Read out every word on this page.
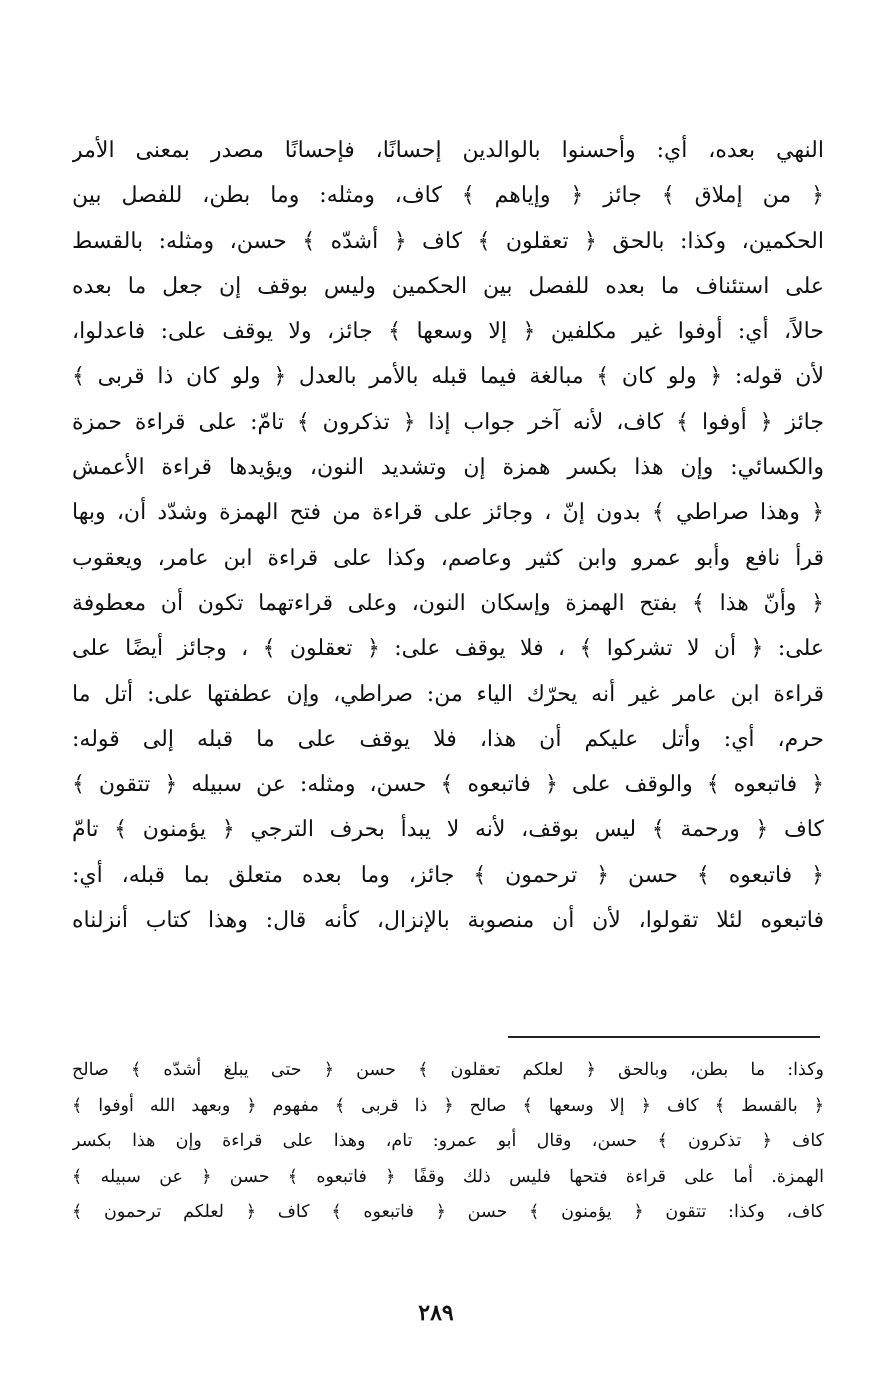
النهي بعده، أي: وأحسنوا بالوالدين إحسانًا، فإحسانًا مصدر بمعنى الأمر
﴿ من إملاق ﴾ جائز ﴿ وإياهم ﴾ كاف، ومثله: وما بطن، للفصل بين
الحكمين، وكذا: بالحق ﴿ تعقلون ﴾ كاف ﴿ أشدّه ﴾ حسن، ومثله: بالقسط
على استئناف ما بعده للفصل بين الحكمين وليس بوقف إن جعل ما بعده
حالاً، أي: أوفوا غير مكلفين ﴿ إلا وسعها ﴾ جائز، ولا يوقف على: فاعدلوا،
لأن قوله: ﴿ ولو كان ﴾ مبالغة فيما قبله بالأمر بالعدل ﴿ ولو كان ذا قربى ﴾
جائز ﴿ أوفوا ﴾ كاف، لأنه آخر جواب إذا ﴿ تذكرون ﴾ تامّ: على قراءة حمزة
والكسائي: وإن هذا بكسر همزة إن وتشديد النون، ويؤيدها قراءة الأعمش
﴿ وهذا صراطي ﴾ بدون إنّ ، وجائز على قراءة من فتح الهمزة وشدّد أن، وبها
قرأ نافع وأبو عمرو وابن كثير وعاصم، وكذا على قراءة ابن عامر، ويعقوب
﴿ وأنّ هذا ﴾ بفتح الهمزة وإسكان النون، وعلى قراءتهما تكون أن معطوفة
على: ﴿ أن لا تشركوا ﴾ ، فلا يوقف على: ﴿ تعقلون ﴾ ، وجائز أيضًا على
قراءة ابن عامر غير أنه يحرّك الياء من: صراطي، وإن عطفتها على: أتل ما
حرم، أي: وأتل عليكم أن هذا، فلا يوقف على ما قبله إلى قوله:
﴿ فاتبعوه ﴾ والوقف على ﴿ فاتبعوه ﴾ حسن، ومثله: عن سبيله ﴿ تتقون ﴾
كاف ﴿ ورحمة ﴾ ليس بوقف، لأنه لا يبدأ بحرف الترجي ﴿ يؤمنون ﴾ تامّ
﴿ فاتبعوه ﴾ حسن ﴿ ترحمون ﴾ جائز، وما بعده متعلق بما قبله، أي:
فاتبعوه لئلا تقولوا، لأن أن منصوبة بالإنزال، كأنه قال: وهذا كتاب أنزلناه
وكذا: ما بطن، وبالحق ﴿ لعلكم تعقلون ﴾ حسن ﴿ حتى يبلغ أشدّه ﴾ صالح
﴿ بالقسط ﴾ كاف ﴿ إلا وسعها ﴾ صالح ﴿ ذا قربى ﴾ مفهوم ﴿ وبعهد الله أوفوا ﴾
كاف ﴿ تذكرون ﴾ حسن، وقال أبو عمرو: تام، وهذا على قراءة وإن هذا بكسر
الهمزة. أما على قراءة فتحها فليس ذلك وقفًا ﴿ فاتبعوه ﴾ حسن ﴿ عن سبيله ﴾
كاف، وكذا: تتقون ﴿ يؤمنون ﴾ حسن ﴿ فاتبعوه ﴾ كاف ﴿ لعلكم ترحمون ﴾
٢٨٩
